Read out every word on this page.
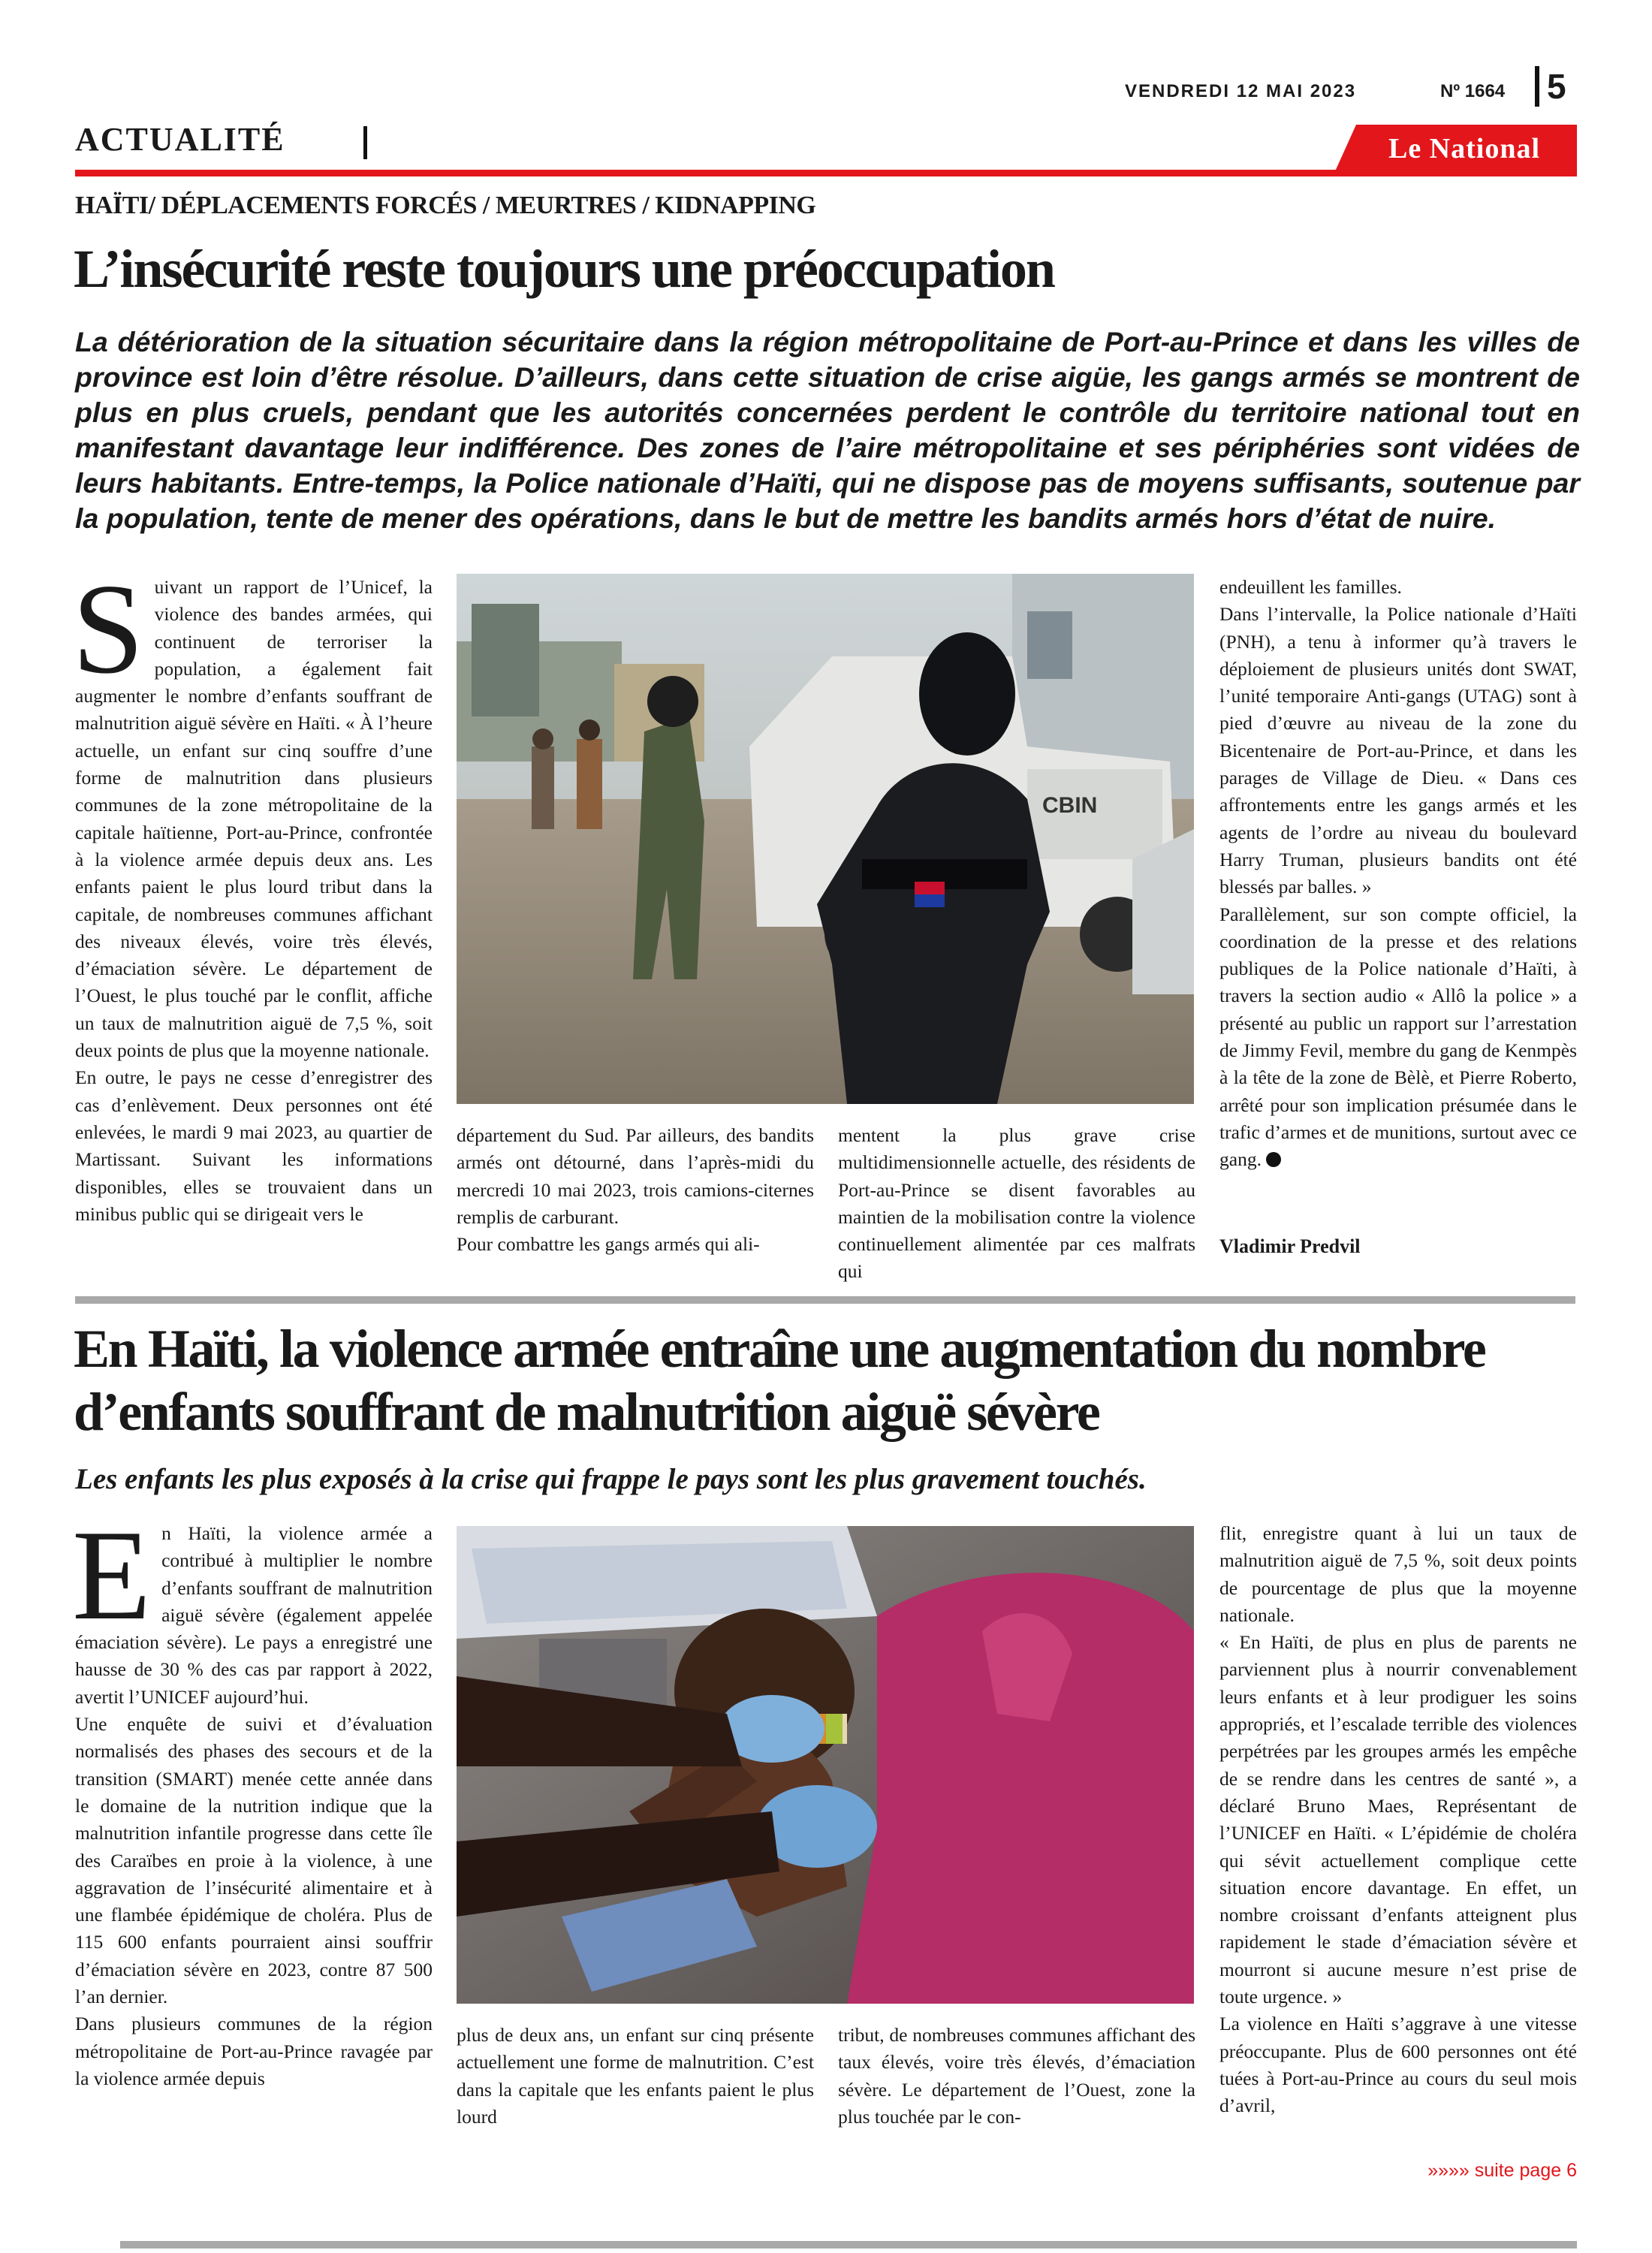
VENDREDI 12 MAI 2023	Nº 1664	5
ACTUALITÉ	Le National
HAÏTI/ DÉPLACEMENTS FORCÉS / MEURTRES / KIDNAPPING
L’insécurité reste toujours une préoccupation
La détérioration de la situation sécuritaire dans la région métropolitaine de Port-au-Prince et dans les villes de province est loin d’être résolue. D’ailleurs, dans cette situation de crise aigüe, les gangs armés se montrent de plus en plus cruels, pendant que les autorités concernées perdent le contrôle du territoire national tout en manifestant davantage leur indifférence. Des zones de l’aire métropolitaine et ses périphéries sont vidées de leurs habitants. Entre-temps, la Police nationale d’Haïti, qui ne dispose pas de moyens suffisants, soutenue par la population, tente de mener des opérations, dans le but de mettre les bandits armés hors d’état de nuire.
S uivant un rapport de l’Unicef, la violence des bandes armées, qui continuent de terroriser la population, a également fait augmenter le nombre d’enfants souffrant de malnutrition aiguë sévère en Haïti. « À l’heure actuelle, un enfant sur cinq souffre d’une forme de malnutrition dans plusieurs communes de la zone métropolitaine de la capitale haïtienne, Port-au-Prince, confrontée à la violence armée depuis deux ans. Les enfants paient le plus lourd tribut dans la capitale, de nombreuses communes affichant des niveaux élevés, voire très élevés, d’émaciation sévère. Le département de l’Ouest, le plus touché par le conflit, affiche un taux de malnutrition aiguë de 7,5 %, soit deux points de plus que la moyenne nationale.

En outre, le pays ne cesse d’enregistrer des cas d’enlèvement. Deux personnes ont été enlevées, le mardi 9 mai 2023, au quartier de Martissant. Suivant les informations disponibles, elles se trouvaient dans un minibus public qui se dirigeait vers le

CBIN

département du Sud. Par ailleurs, des bandits armés ont détourné, dans l’après-midi du mercredi 10 mai 2023, trois camions-citernes remplis de carburant.

Pour combattre les gangs armés qui ali-

mentent la plus grave crise multidimensionnelle actuelle, des résidents de Port-au-Prince se disent favorables au maintien de la mobilisation contre la violence continuellement alimentée par ces malfrats qui

endeuillent les familles.

Dans l’intervalle, la Police nationale d’Haïti (PNH), a tenu à informer qu’à travers le déploiement de plusieurs unités dont SWAT, l’unité temporaire Anti-gangs (UTAG) sont à pied d’œuvre au niveau de la zone du Bicentenaire de Port-au-Prince, et dans les parages de Village de Dieu. « Dans ces affrontements entre les gangs armés et les agents de l’ordre au niveau du boulevard Harry Truman, plusieurs bandits ont été blessés par balles. »

Parallèlement, sur son compte officiel, la coordination de la presse et des relations publiques de la Police nationale d’Haïti, à travers la section audio « Allô la police » a présenté au public un rapport sur l’arrestation de Jimmy Fevil, membre du gang de Kenmpès à la tête de la zone de Bèlè, et Pierre Roberto, arrêté pour son implication présumée dans le trafic d’armes et de munitions, surtout avec ce gang.

Vladimir Predvil
En Haïti, la violence armée entraîne une augmentation du nombre d’enfants souffrant de malnutrition aiguë sévère
Les enfants les plus exposés à la crise qui frappe le pays sont les plus gravement touchés.
E n Haïti, la violence armée a contribué à multiplier le nombre d’enfants souffrant de malnutrition aiguë sévère (également appelée émaciation sévère). Le pays a enregistré une hausse de 30 % des cas par rapport à 2022, avertit l’UNICEF aujourd’hui.

Une enquête de suivi et d’évaluation normalisés des phases des secours et de la transition (SMART) menée cette année dans le domaine de la nutrition indique que la malnutrition infantile progresse dans cette île des Caraïbes en proie à la violence, à une aggravation de l’insécurité alimentaire et à une flambée épidémique de choléra. Plus de 115 600 enfants pourraient ainsi souffrir d’émaciation sévère en 2023, contre 87 500 l’an dernier.

Dans plusieurs communes de la région métropolitaine de Port-au-Prince ravagée par la violence armée depuis

plus de deux ans, un enfant sur cinq présente actuellement une forme de malnutrition. C’est dans la capitale que les enfants paient le plus lourd

tribut, de nombreuses communes affichant des taux élevés, voire très élevés, d’émaciation sévère. Le département de l’Ouest, zone la plus touchée par le con-

flit, enregistre quant à lui un taux de malnutrition aiguë de 7,5 %, soit deux points de pourcentage de plus que la moyenne nationale.

« En Haïti, de plus en plus de parents ne parviennent plus à nourrir convenablement leurs enfants et à leur prodiguer les soins appropriés, et l’escalade terrible des violences perpétrées par les groupes armés les empêche de se rendre dans les centres de santé », a déclaré Bruno Maes, Représentant de l’UNICEF en Haïti. « L’épidémie de choléra qui sévit actuellement complique cette situation encore davantage. En effet, un nombre croissant d’enfants atteignent plus rapidement le stade d’émaciation sévère et mourront si aucune mesure n’est prise de toute urgence. »

La violence en Haïti s’aggrave à une vitesse préoccupante. Plus de 600 personnes ont été tuées à Port-au-Prince au cours du seul mois d’avril,

»»»» suite page 6
